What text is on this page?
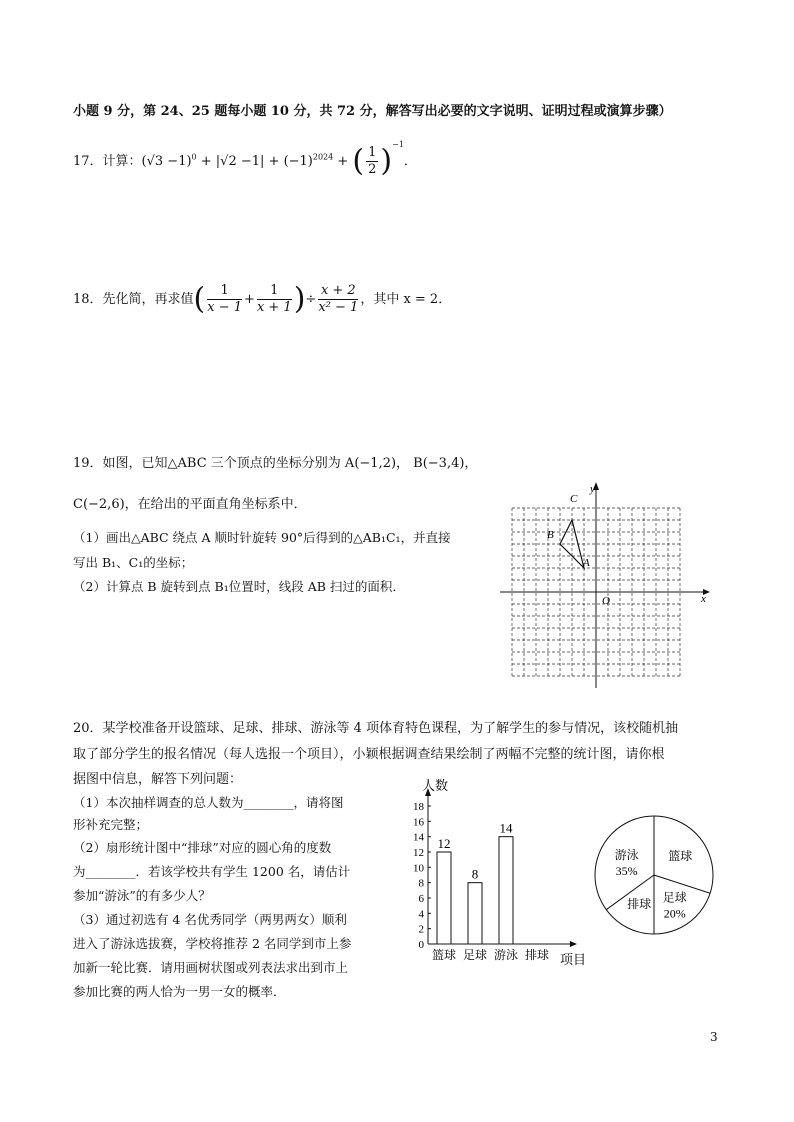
小题 9 分，第 24、25 题每小题 10 分，共 72 分，解答写出必要的文字说明、证明过程或演算步骤）
17．计算：$(√3 -1)^0 + |√2 -1| + (-1)^{2024}$ + ( $\frac{1}{2} )^{-1}$．
18．先化简，再求值( $\frac{1}{x - 1} + \frac{1}{x + 1}$ )÷ $\frac{x + 2}{\text{x² − 1}}$ ，其中 x = 2．
19．如图，已知△ABC 三个顶点的坐标分别为 A(−1,2)， B(−3,4)，
C(−2,6)，在给出的平面直角坐标系中．
（1）画出△ABC 绕点 A 顺时针旋转 90°后得到的△AB₁C₁，并直接
写出 B₁、C₁的坐标；
（2）计算点 B 旋转到点 B₁位置时，线段 AB 扫过的面积．
x
y
O
A
B
C
20．某学校准备开设篮球、足球、排球、游泳等 4 项体育特色课程，为了解学生的参与情况，该校随机抽
取了部分学生的报名情况（每人选报一个项目），小颖根据调查结果绘制了两幅不完整的统计图，请你根
据图中信息，解答下列问题：
（1）本次抽样调查的总人数为________，请将图
形补充完整；
（2）扇形统计图中“排球”对应的圆心角的度数
为________．若该学校共有学生 1200 名，请估计
参加“游泳”的有多少人？
（3）通过初选有 4 名优秀同学（两男两女）顺利
进入了游泳选拔赛，学校将推荐 2 名同学到市上参
加新一轮比赛．请用画树状图或列表法求出到市上
参加比赛的两人恰为一男一女的概率．
0
2
4
6
8
10
12
14
16
18
篮球 足球 游泳 排球
12
8
14
人数
项目
游泳
35%
篮球
足球
20%
排球
3
